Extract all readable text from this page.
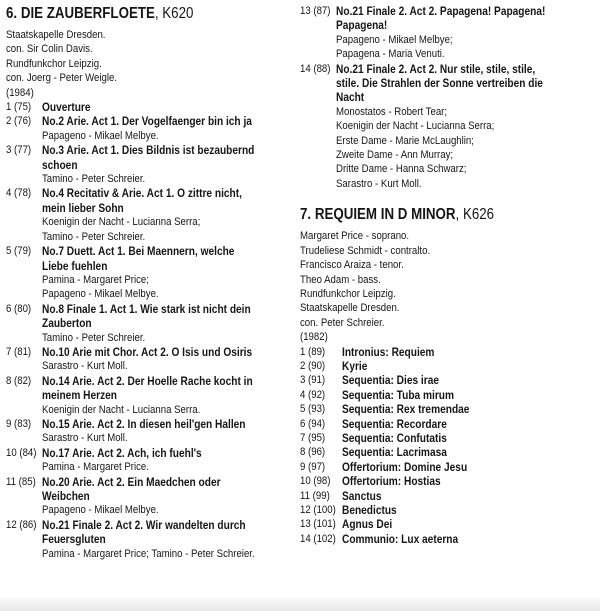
6. DIE ZAUBERFLOETE, K620
Staatskapelle Dresden.
con. Sir Colin Davis.
Rundfunkchor Leipzig.
con. Joerg - Peter Weigle.
(1984)
1 (75) Ouverture
2 (76) No.2 Arie. Act 1. Der Vogelfaenger bin ich ja
Papageno - Mikael Melbye.
3 (77) No.3 Arie. Act 1. Dies Bildnis ist bezaubernd
schoen
Tamino - Peter Schreier.
4 (78) No.4 Recitativ & Arie. Act 1. O zittre nicht,
mein lieber Sohn
Koenigin der Nacht - Lucianna Serra;
Tamino - Peter Schreier.
5 (79) No.7 Duett. Act 1. Bei Maennern, welche
Liebe fuehlen
Pamina - Margaret Price;
Papageno - Mikael Melbye.
6 (80) No.8 Finale 1. Act 1. Wie stark ist nicht dein
Zauberton
Tamino - Peter Schreier.
7 (81) No.10 Arie mit Chor. Act 2. O Isis und Osiris
Sarastro - Kurt Moll.
8 (82) No.14 Arie. Act 2. Der Hoelle Rache kocht in
meinem Herzen
Koenigin der Nacht - Lucianna Serra.
9 (83) No.15 Arie. Act 2. In diesen heil'gen Hallen
Sarastro - Kurt Moll.
10 (84) No.17 Arie. Act 2. Ach, ich fuehl's
Pamina - Margaret Price.
11 (85) No.20 Arie. Act 2. Ein Maedchen oder
Weibchen
Papageno - Mikael Melbye.
12 (86) No.21 Finale 2. Act 2. Wir wandelten durch
Feuersgluten
Pamina - Margaret Price; Tamino - Peter Schreier.
13 (87) No.21 Finale 2. Act 2. Papagena! Papagena!
Papagena!
Papageno - Mikael Melbye;
Papagena - Maria Venuti.
14 (88) No.21 Finale 2. Act 2. Nur stile, stile, stile,
stile. Die Strahlen der Sonne vertreiben die
Nacht
Monostatos - Robert Tear;
Koenigin der Nacht - Lucianna Serra;
Erste Dame - Marie McLaughlin;
Zweite Dame - Ann Murray;
Dritte Dame - Hanna Schwarz;
Sarastro - Kurt Moll.
7. REQUIEM IN D MINOR, K626
Margaret Price - soprano.
Trudeliese Schmidt - contralto.
Francisco Araiza - tenor.
Theo Adam - bass.
Rundfunkchor Leipzig.
Staatskapelle Dresden.
con. Peter Schreier.
(1982)
1 (89)	Intronius: Requiem
2 (90)	Kyrie
3 (91)	Sequentia: Dies irae
4 (92)	Sequentia: Tuba mirum
5 (93)	Sequentia: Rex tremendae
6 (94)	Sequentia: Recordare
7 (95)	Sequentia: Confutatis
8 (96)	Sequentia: Lacrimasa
9 (97)	Offertorium: Domine Jesu
10 (98) Offertorium: Hostias
11 (99)	Sanctus
12 (100) Benedictus
13 (101) Agnus Dei
14 (102) Communio: Lux aeterna
